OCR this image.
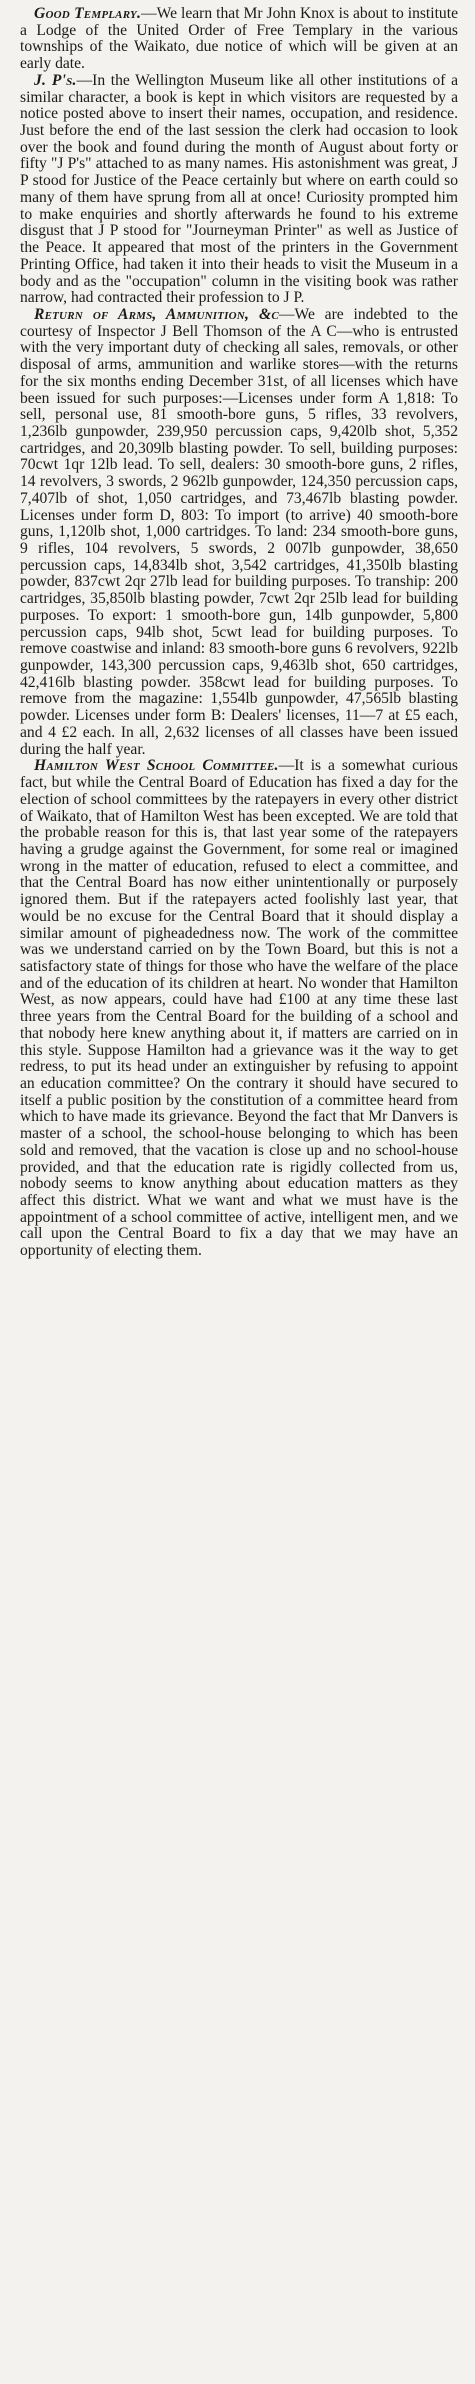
Good Templary.—We learn that Mr John Knox is about to institute a Lodge of the United Order of Free Templary in the various townships of the Waikato, due notice of which will be given at an early date.

J. P's.—In the Wellington Museum like all other institutions of a similar character, a book is kept in which visitors are requested by a notice posted above to insert their names, occupation, and residence. Just before the end of the last session the clerk had occasion to look over the book and found during the month of August about forty or fifty "J P's" attached to as many names. His astonishment was great, J P stood for Justice of the Peace certainly but where on earth could so many of them have sprung from all at once! Curiosity prompted him to make enquiries and shortly afterwards he found to his extreme disgust that J P stood for "Journeyman Printer" as well as Justice of the Peace. It appeared that most of the printers in the Government Printing Office, had taken it into their heads to visit the Museum in a body and as the "occupation" column in the visiting book was rather narrow, had contracted their profession to J P.

Return of Arms, Ammunition, &c—We are indebted to the courtesy of Inspector J Bell Thomson of the A C—who is entrusted with the very important duty of checking all sales, removals, or other disposal of arms, ammunition and warlike stores—with the returns for the six months ending December 31st, of all licenses which have been issued for such purposes:—Licenses under form A 1,818: To sell, personal use, 81 smooth-bore guns, 5 rifles, 33 revolvers, 1,236lb gunpowder, 239,950 percussion caps, 9,420lb shot, 5,352 cartridges, and 20,309lb blasting powder. To sell, building purposes: 70cwt 1qr 12lb lead. To sell, dealers: 30 smooth-bore guns, 2 rifles, 14 revolvers, 3 swords, 2 962lb gunpowder, 124,350 percussion caps, 7,407lb of shot, 1,050 cartridges, and 73,467lb blasting powder. Licenses under form D, 803: To import (to arrive) 40 smooth-bore guns, 1,120lb shot, 1,000 cartridges. To land: 234 smooth-bore guns, 9 rifles, 104 revolvers, 5 swords, 2 007lb gunpowder, 38,650 percussion caps, 14,834lb shot, 3,542 cartridges, 41,350lb blasting powder, 837cwt 2qr 27lb lead for building purposes. To tranship: 200 cartridges, 35,850lb blasting powder, 7cwt 2qr 25lb lead for building purposes. To export: 1 smooth-bore gun, 14lb gunpowder, 5,800 percussion caps, 94lb shot, 5cwt lead for building purposes. To remove coastwise and inland: 83 smooth-bore guns 6 revolvers, 922lb gunpowder, 143,300 percussion caps, 9,463lb shot, 650 cartridges, 42,416lb blasting powder. 358cwt lead for building purposes. To remove from the magazine: 1,554lb gunpowder, 47,565lb blasting powder. Licenses under form B: Dealers' licenses, 11—7 at £5 each, and 4 £2 each. In all, 2,632 licenses of all classes have been issued during the half year.

Hamilton West School Committee.—It is a somewhat curious fact, but while the Central Board of Education has fixed a day for the election of school committees by the ratepayers in every other district of Waikato, that of Hamilton West has been excepted. We are told that the probable reason for this is, that last year some of the ratepayers having a grudge against the Government, for some real or imagined wrong in the matter of education, refused to elect a committee, and that the Central Board has now either unintentionally or purposely ignored them. But if the ratepayers acted foolishly last year, that would be no excuse for the Central Board that it should display a similar amount of pigheadedness now. The work of the committee was we understand carried on by the Town Board, but this is not a satisfactory state of things for those who have the welfare of the place and of the education of its children at heart. No wonder that Hamilton West, as now appears, could have had £100 at any time these last three years from the Central Board for the building of a school and that nobody here knew anything about it, if matters are carried on in this style. Suppose Hamilton had a grievance was it the way to get redress, to put its head under an extinguisher by refusing to appoint an education committee? On the contrary it should have secured to itself a public position by the constitution of a committee heard from which to have made its grievance. Beyond the fact that Mr Danvers is master of a school, the school-house belonging to which has been sold and removed, that the vacation is close up and no school-house provided, and that the education rate is rigidly collected from us, nobody seems to know anything about education matters as they affect this district. What we want and what we must have is the appointment of a school committee of active, intelligent men, and we call upon the Central Board to fix a day that we may have an opportunity of electing them.
